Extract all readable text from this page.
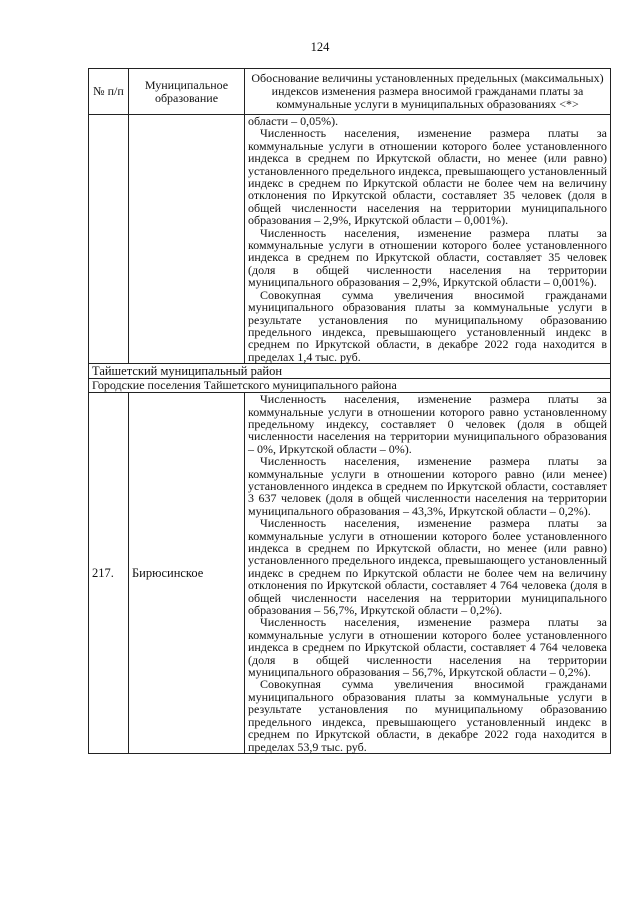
124
№ п/п	Муниципальное образование	Обоснование величины установленных предельных (максимальных) индексов изменения размера вносимой гражданами платы за коммунальные услуги в муниципальных образованиях <*>

		области – 0,05%).

Численность населения, изменение размера платы за коммунальные услуги в отношении которого более установленного индекса в среднем по Иркутской области, но менее (или равно) установленного предельного индекса, превышающего установленный индекс в среднем по Иркутской области не более чем на величину отклонения по Иркутской области, составляет 35 человек (доля в общей численности населения на территории муниципального образования – 2,9%, Иркутской области – 0,001%).

Численность населения, изменение размера платы за коммунальные услуги в отношении которого более установленного индекса в среднем по Иркутской области, составляет 35 человек (доля в общей численности населения на территории муниципального образования – 2,9%, Иркутской области – 0,001%).

Совокупная сумма увеличения вносимой гражданами муниципального образования платы за коммунальные услуги в результате установления по муниципальному образованию предельного индекса, превышающего установленный индекс в среднем по Иркутской области, в декабре 2022 года находится в пределах 1,4 тыс. руб.

Тайшетский муниципальный район		
Городские поселения Тайшетского муниципального района		
217.	Бирюсинское	Численность населения, изменение размера платы за коммунальные услуги в отношении которого равно установленному предельному индексу, составляет 0 человек (доля в общей численности населения на территории муниципального образования – 0%, Иркутской области – 0%).

Численность населения, изменение размера платы за коммунальные услуги в отношении которого равно (или менее) установленного индекса в среднем по Иркутской области, составляет 3 637 человек (доля в общей численности населения на территории муниципального образования – 43,3%, Иркутской области – 0,2%).

Численность населения, изменение размера платы за коммунальные услуги в отношении которого более установленного индекса в среднем по Иркутской области, но менее (или равно) установленного предельного индекса, превышающего установленный индекс в среднем по Иркутской области не более чем на величину отклонения по Иркутской области, составляет 4 764 человека (доля в общей численности населения на территории муниципального образования – 56,7%, Иркутской области – 0,2%).

Численность населения, изменение размера платы за коммунальные услуги в отношении которого более установленного индекса в среднем по Иркутской области, составляет 4 764 человека (доля в общей численности населения на территории муниципального образования – 56,7%, Иркутской области – 0,2%).

Совокупная сумма увеличения вносимой гражданами муниципального образования платы за коммунальные услуги в результате установления по муниципальному образованию предельного индекса, превышающего установленный индекс в среднем по Иркутской области, в декабре 2022 года находится в пределах 53,9 тыс. руб.
